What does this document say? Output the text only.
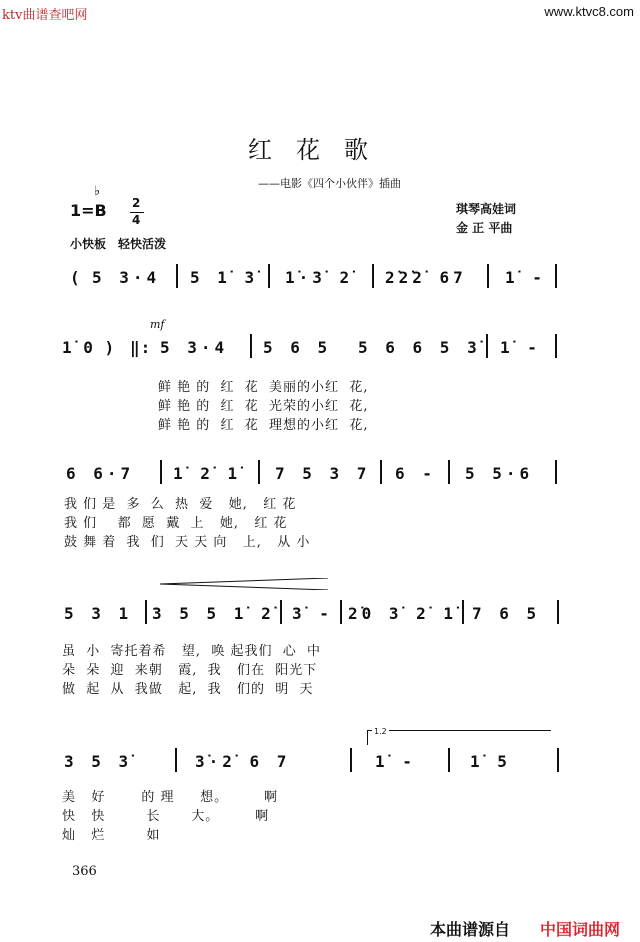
ktv曲谱查吧网	www.ktvc8.com
红花歌
——电影《四个小伙伴》插曲
1=B
♭
2
4
琪琴高娃词
金 正 平曲
小快板　轻快活泼
( 5 3·4 5 1̇ 3̇ 1̇·3̇ 2̇ 2̇2̇2̇ 67 1̇ -
mf
1̇ 0 ) ‖: 5 3·4 5 6 5 5 6 6 5 3̇ 1̇ -
鲜 艳 的  红  花  美丽的小红  花,
鲜 艳 的  红  花  光荣的小红  花,
鲜 艳 的  红  花  理想的小红  花,
6 6·7 1̇ 2̇ 1̇ 7 5 3 7 6 - 5 5·6
我 们 是  多  么  热  爱   她,   红 花
我 们    都  愿  戴  上   她,   红 花
鼓 舞 着  我  们  天 天 向   上,   从 小
5 3 1 3 5 5 1̇ 2̇ 3̇ - 2̇0 3̇ 2̇ 1̇ 7 6 5
虽  小  寄托着希   望,  唤 起我们  心  中
朵  朵  迎  来朝   霞,  我   们在  阳光下
做  起  从  我做   起,  我   们的  明  天
1.2
3 5 3̇	3̇·2̇ 6 7	1̇ -	1̇ 5
美   好       的 理     想。       啊
快   快        长      大。       啊
灿   烂        如
366
本曲谱源自 中国词曲网
